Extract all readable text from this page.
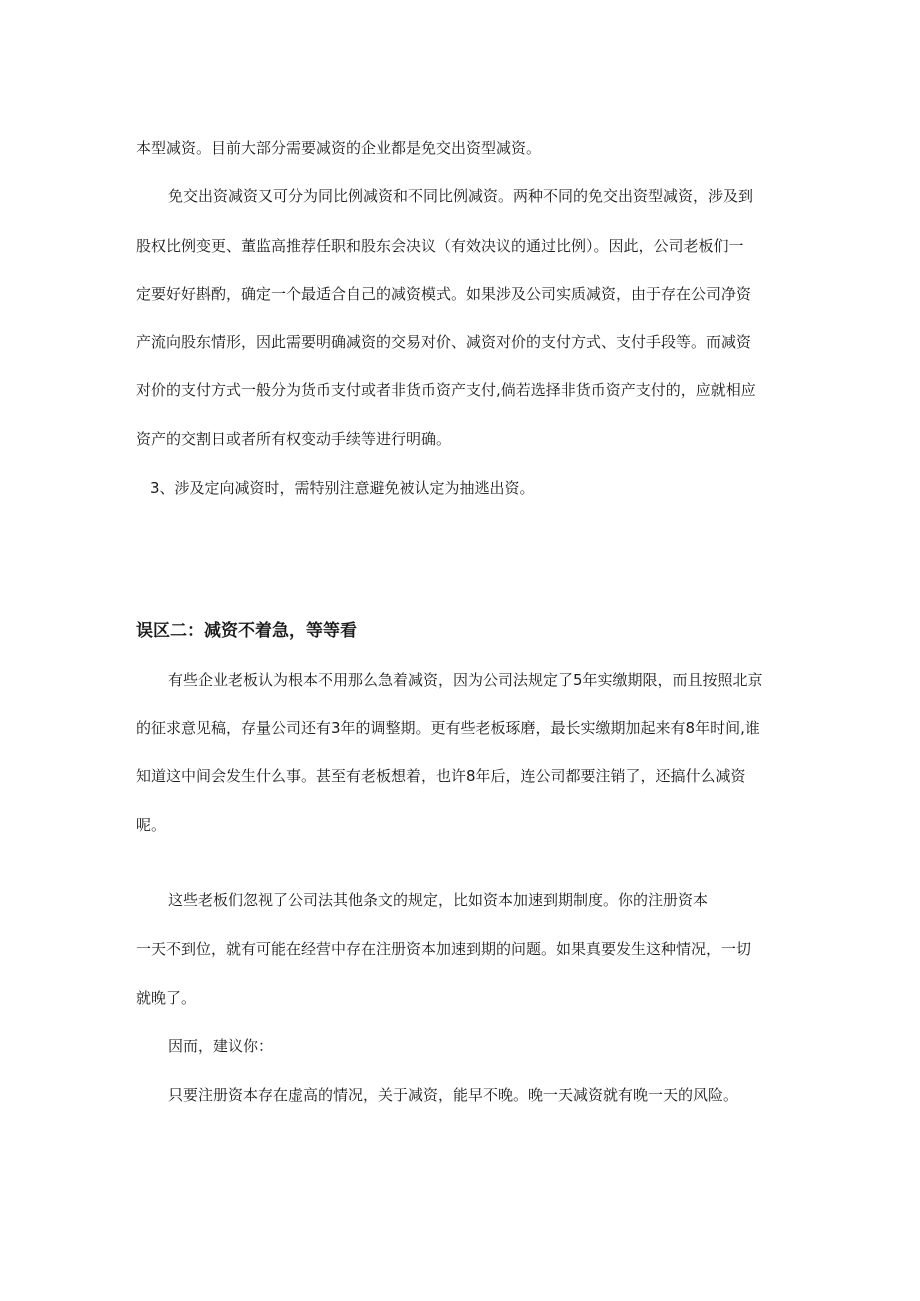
本型减资。目前大部分需要减资的企业都是免交出资型减资。

免交出资减资又可分为同比例减资和不同比例减资。两种不同的免交出资型减资，涉及到

股权比例变更、董监高推荐任职和股东会决议（有效决议的通过比例）。因此，公司老板们一

定要好好斟酌，确定一个最适合自己的减资模式。如果涉及公司实质减资，由于存在公司净资

产流向股东情形，因此需要明确减资的交易对价、减资对价的支付方式、支付手段等。而减资

对价的支付方式一般分为货币支付或者非货币资产支付,倘若选择非货币资产支付的，应就相应

资产的交割日或者所有权变动手续等进行明确。

3、涉及定向减资时，需特别注意避免被认定为抽逃出资。

误区二：减资不着急，等等看

有些企业老板认为根本不用那么急着减资，因为公司法规定了5年实缴期限，而且按照北京

的征求意见稿，存量公司还有3年的调整期。更有些老板琢磨，最长实缴期加起来有8年时间,谁

知道这中间会发生什么事。甚至有老板想着，也许8年后，连公司都要注销了，还搞什么减资

呢。

这些老板们忽视了公司法其他条文的规定，比如资本加速到期制度。你的注册资本

一天不到位，就有可能在经营中存在注册资本加速到期的问题。如果真要发生这种情况，一切

就晚了。

因而，建议你：

只要注册资本存在虚高的情况，关于减资，能早不晚。晚一天减资就有晚一天的风险。
